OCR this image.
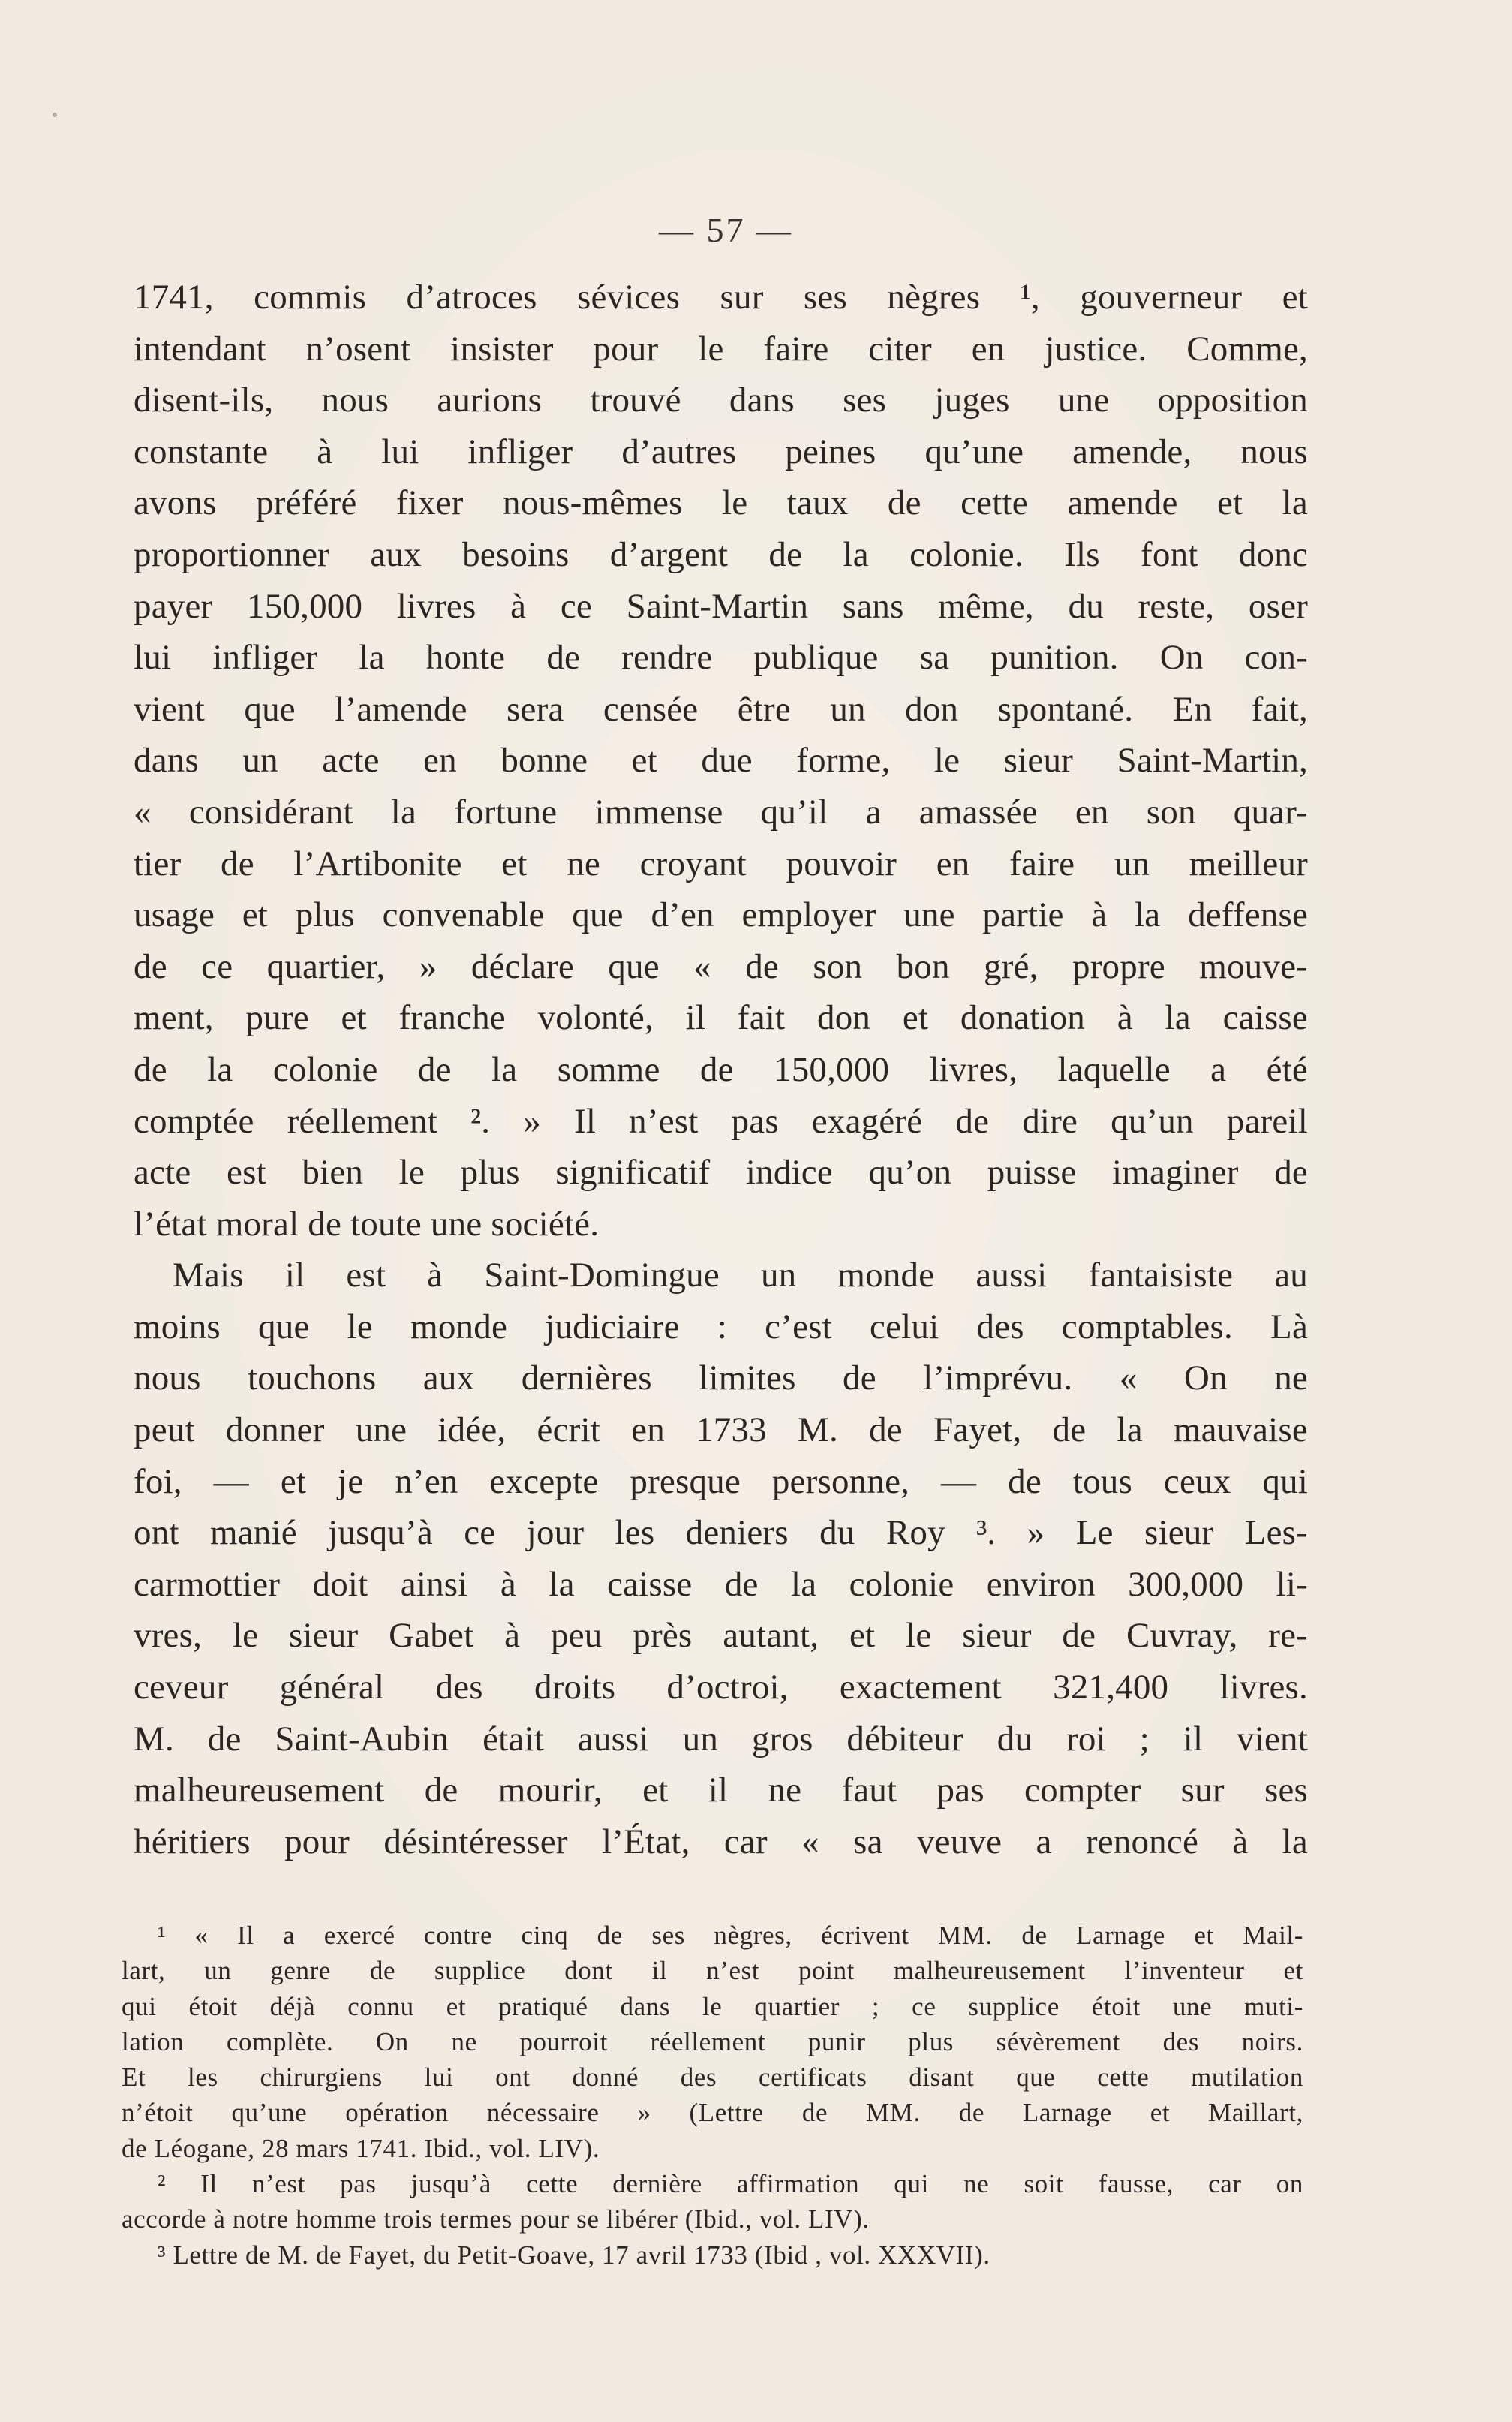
— 57 —
1741, commis d’atroces sévices sur ses nègres ¹, gouverneur et
intendant n’osent insister pour le faire citer en justice. Comme,
disent-ils, nous aurions trouvé dans ses juges une opposition
constante à lui infliger d’autres peines qu’une amende, nous
avons préféré fixer nous-mêmes le taux de cette amende et la
proportionner aux besoins d’argent de la colonie. Ils font donc
payer 150,000 livres à ce Saint-Martin sans même, du reste, oser
lui infliger la honte de rendre publique sa punition. On con-
vient que l’amende sera censée être un don spontané. En fait,
dans un acte en bonne et due forme, le sieur Saint-Martin,
« considérant la fortune immense qu’il a amassée en son quar-
tier de l’Artibonite et ne croyant pouvoir en faire un meilleur
usage et plus convenable que d’en employer une partie à la deffense
de ce quartier, » déclare que « de son bon gré, propre mouve-
ment, pure et franche volonté, il fait don et donation à la caisse
de la colonie de la somme de 150,000 livres, laquelle a été
comptée réellement ². » Il n’est pas exagéré de dire qu’un pareil
acte est bien le plus significatif indice qu’on puisse imaginer de
l’état moral de toute une société.
Mais il est à Saint-Domingue un monde aussi fantaisiste au
moins que le monde judiciaire : c’est celui des comptables. Là
nous touchons aux dernières limites de l’imprévu. « On ne
peut donner une idée, écrit en 1733 M. de Fayet, de la mauvaise
foi, — et je n’en excepte presque personne, — de tous ceux qui
ont manié jusqu’à ce jour les deniers du Roy ³. » Le sieur Les-
carmottier doit ainsi à la caisse de la colonie environ 300,000 li-
vres, le sieur Gabet à peu près autant, et le sieur de Cuvray, re-
ceveur général des droits d’octroi, exactement 321,400 livres.
M. de Saint-Aubin était aussi un gros débiteur du roi ; il vient
malheureusement de mourir, et il ne faut pas compter sur ses
héritiers pour désintéresser l’État, car « sa veuve a renoncé à la
¹ « Il a exercé contre cinq de ses nègres, écrivent MM. de Larnage et Mail-
lart, un genre de supplice dont il n’est point malheureusement l’inventeur et
qui étoit déjà connu et pratiqué dans le quartier ; ce supplice étoit une muti-
lation complète. On ne pourroit réellement punir plus sévèrement des noirs.
Et les chirurgiens lui ont donné des certificats disant que cette mutilation
n’étoit qu’une opération nécessaire » (Lettre de MM. de Larnage et Maillart,
de Léogane, 28 mars 1741. Ibid., vol. LIV).
² Il n’est pas jusqu’à cette dernière affirmation qui ne soit fausse, car on
accorde à notre homme trois termes pour se libérer (Ibid., vol. LIV).
³ Lettre de M. de Fayet, du Petit-Goave, 17 avril 1733 (Ibid , vol. XXXVII).
